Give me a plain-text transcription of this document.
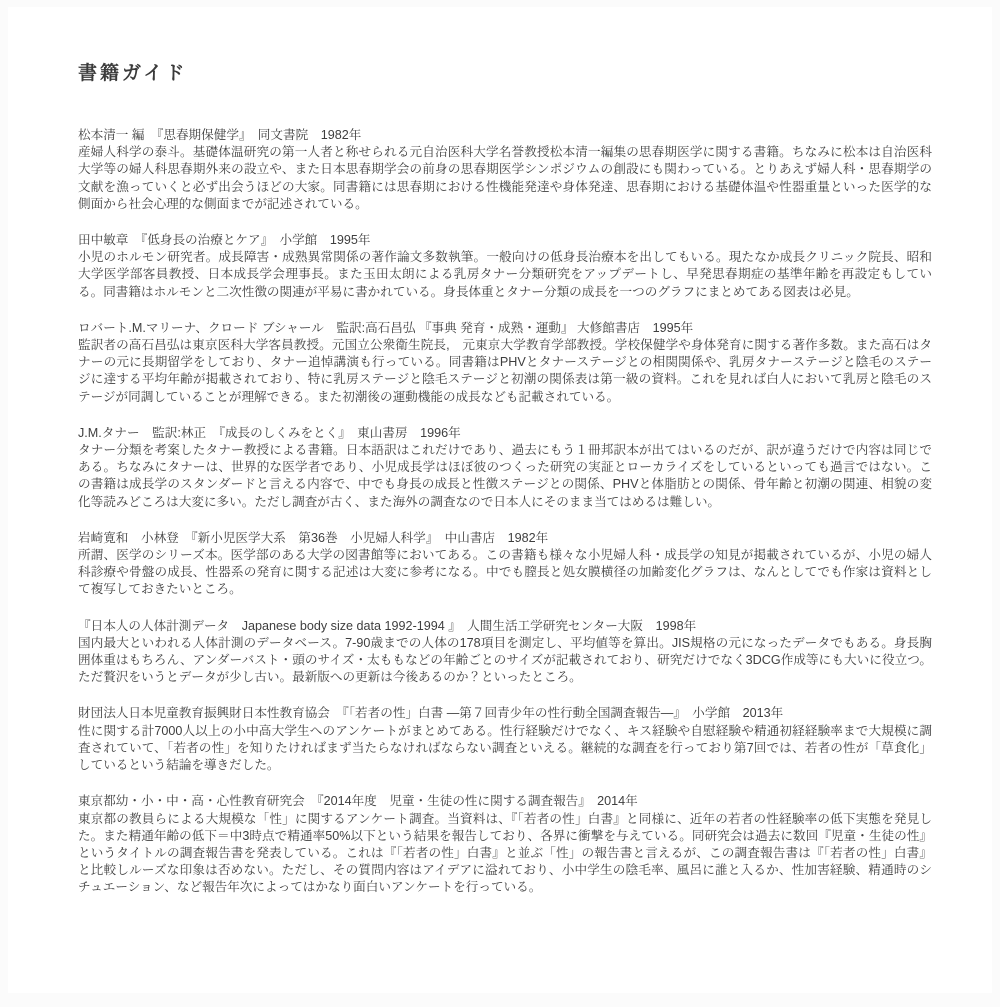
書籍ガイド

松本清一 編　『思春期保健学』　同文書院　1982年

産婦人科学の泰斗。基礎体温研究の第一人者と称せられる元自治医科大学名誉教授松本清一編集の思春期医学に関する書籍。ちなみに松本は自治医科大学等の婦人科思春期外来の設立や、また日本思春期学会の前身の思春期医学シンポジウムの創設にも関わっている。とりあえず婦人科・思春期学の文献を漁っていくと必ず出会うほどの大家。同書籍には思春期における性機能発達や身体発達、思春期における基礎体温や性器重量といった医学的な側面から社会心理的な側面までが記述されている。

田中敏章　『低身長の治療とケア』　小学館　1995年

小児のホルモン研究者。成長障害・成熟異常関係の著作論文多数執筆。一般向けの低身長治療本を出してもいる。現たなか成長クリニック院長、昭和大学医学部客員教授、日本成長学会理事長。また玉田太朗による乳房タナー分類研究をアップデートし、早発思春期症の基準年齢を再設定もしている。同書籍はホルモンと二次性徴の関連が平易に書かれている。身長体重とタナー分類の成長を一つのグラフにまとめてある図表は必見。

ロバート.M.マリーナ、クロード ブシャール　監訳:高石昌弘 『事典 発育・成熟・運動』 大修館書店　1995年

監訳者の高石昌弘は東京医科大学客員教授。元国立公衆衛生院長,　元東京大学教育学部教授。学校保健学や身体発育に関する著作多数。また高石はタナーの元に長期留学をしており、タナー追悼講演も行っている。同書籍はPHVとタナーステージとの相関関係や、乳房タナーステージと陰毛のステージに達する平均年齢が掲載されており、特に乳房ステージと陰毛ステージと初潮の関係表は第一級の資料。これを見れば白人において乳房と陰毛のステージが同調していることが理解できる。また初潮後の運動機能の成長なども記載されている。

J.M.タナー　監訳:林正　『成長のしくみをとく』　東山書房　1996年

タナー分類を考案したタナー教授による書籍。日本語訳はこれだけであり、過去にもう１冊邦訳本が出てはいるのだが、訳が違うだけで内容は同じである。ちなみにタナーは、世界的な医学者であり、小児成長学はほぼ彼のつくった研究の実証とローカライズをしているといっても過言ではない。この書籍は成長学のスタンダードと言える内容で、中でも身長の成長と性徴ステージとの関係、PHVと体脂肪との関係、骨年齢と初潮の関連、相貌の変化等読みどころは大変に多い。ただし調査が古く、また海外の調査なので日本人にそのまま当てはめるは難しい。

岩崎寛和　小林登　『新小児医学大系　第36巻　小児婦人科学』　中山書店　1982年

所謂、医学のシリーズ本。医学部のある大学の図書館等においてある。この書籍も様々な小児婦人科・成長学の知見が掲載されているが、小児の婦人科診療や骨盤の成長、性器系の発育に関する記述は大変に参考になる。中でも膣長と処女膜横径の加齢変化グラフは、なんとしてでも作家は資料として複写しておきたいところ。

『日本人の人体計測データ　Japanese body size data 1992-1994 』　人間生活工学研究センター大阪　1998年

国内最大といわれる人体計測のデータベース。7-90歳までの人体の178項目を測定し、平均値等を算出。JIS規格の元になったデータでもある。身長胸囲体重はもちろん、アンダーバスト・頭のサイズ・太ももなどの年齢ごとのサイズが記載されており、研究だけでなく3DCG作成等にも大いに役立つ。ただ贅沢をいうとデータが少し古い。最新版への更新は今後あるのか？といったところ。

財団法人日本児童教育振興財日本性教育協会　『「若者の性」白書 ―第７回青少年の性行動全国調査報告―』　小学館　2013年

性に関する計7000人以上の小中高大学生へのアンケートがまとめてある。性行経験だけでなく、キス経験や自慰経験や精通初経経験率まで大規模に調査されていて、「若者の性」を知りたければまず当たらなければならない調査といえる。継続的な調査を行っており第7回では、若者の性が「草食化」しているという結論を導きだした。

東京都幼・小・中・高・心性教育研究会　『2014年度　児童・生徒の性に関する調査報告』　2014年

東京都の教員らによる大規模な「性」に関するアンケート調査。当資料は、『「若者の性」白書』と同様に、近年の若者の性経験率の低下実態を発見した。また精通年齢の低下＝中3時点で精通率50%以下という結果を報告しており、各界に衝撃を与えている。同研究会は過去に数回『児童・生徒の性』というタイトルの調査報告書を発表している。これは『「若者の性」白書』と並ぶ「性」の報告書と言えるが、この調査報告書は『「若者の性」白書』と比較しルーズな印象は否めない。ただし、その質問内容はアイデアに溢れており、小中学生の陰毛率、風呂に誰と入るか、性加害経験、精通時のシチュエーション、など報告年次によってはかなり面白いアンケートを行っている。
